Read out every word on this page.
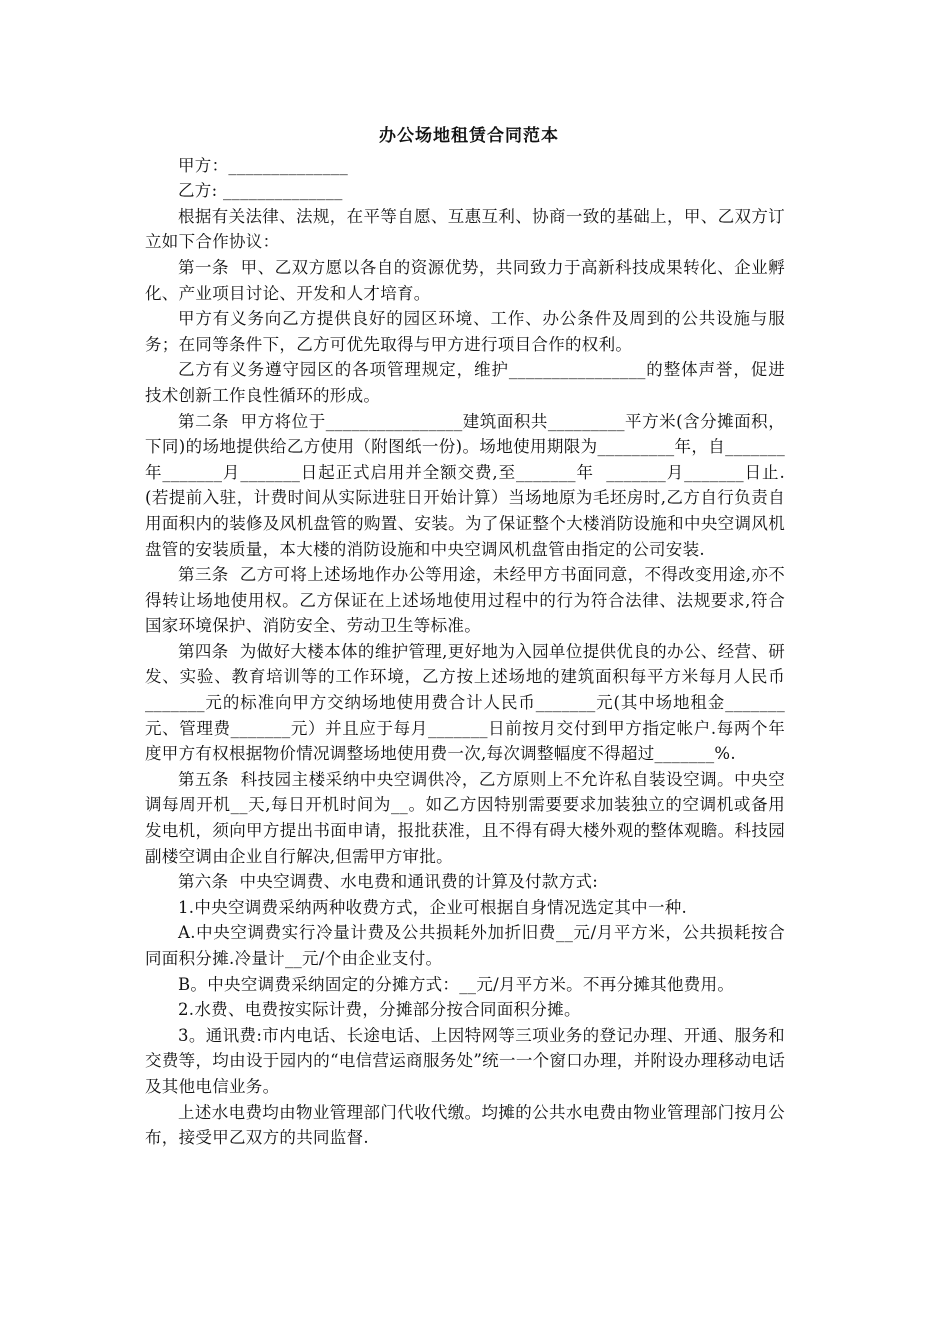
办公场地租赁合同范本

甲方：______________

乙方: ______________

根据有关法律、法规，在平等自愿、互惠互利、协商一致的基础上，甲、乙双方订立如下合作协议：

第一条  甲、乙双方愿以各自的资源优势，共同致力于高新科技成果转化、企业孵化、产业项目讨论、开发和人才培育。

甲方有义务向乙方提供良好的园区环境、工作、办公条件及周到的公共设施与服务；在同等条件下，乙方可优先取得与甲方进行项目合作的权利。

乙方有义务遵守园区的各项管理规定，维护________________的整体声誉，促进技术创新工作良性循环的形成。

第二条  甲方将位于________________建筑面积共_________平方米(含分摊面积，下同)的场地提供给乙方使用（附图纸一份)。场地使用期限为_________年，自_______年_______月_______日起正式启用并全额交费,至_______年  _______月_______日止.(若提前入驻，计费时间从实际进驻日开始计算）当场地原为毛坯房时,乙方自行负责自用面积内的装修及风机盘管的购置、安装。为了保证整个大楼消防设施和中央空调风机盘管的安装质量，本大楼的消防设施和中央空调风机盘管由指定的公司安装.

第三条  乙方可将上述场地作办公等用途，未经甲方书面同意，不得改变用途,亦不得转让场地使用权。乙方保证在上述场地使用过程中的行为符合法律、法规要求,符合国家环境保护、消防安全、劳动卫生等标准。

第四条  为做好大楼本体的维护管理,更好地为入园单位提供优良的办公、经营、研发、实验、教育培训等的工作环境，乙方按上述场地的建筑面积每平方米每月人民币_______元的标准向甲方交纳场地使用费合计人民币_______元(其中场地租金_______元、管理费_______元）并且应于每月_______日前按月交付到甲方指定帐户.每两个年度甲方有权根据物价情况调整场地使用费一次,每次调整幅度不得超过_______%.

第五条  科技园主楼采纳中央空调供冷，乙方原则上不允许私自装设空调。中央空调每周开机__天,每日开机时间为__。如乙方因特别需要要求加装独立的空调机或备用发电机，须向甲方提出书面申请，报批获准，且不得有碍大楼外观的整体观瞻。科技园副楼空调由企业自行解决,但需甲方审批。

第六条  中央空调费、水电费和通讯费的计算及付款方式:

1.中央空调费采纳两种收费方式，企业可根据自身情况选定其中一种.

A.中央空调费实行冷量计费及公共损耗外加折旧费__元/月平方米，公共损耗按合同面积分摊.冷量计__元/个由企业支付。

B。中央空调费采纳固定的分摊方式：__元/月平方米。不再分摊其他费用。

2.水费、电费按实际计费，分摊部分按合同面积分摊。

3。通讯费:市内电话、长途电话、上因特网等三项业务的登记办理、开通、服务和交费等，均由设于园内的“电信营运商服务处”统一一个窗口办理，并附设办理移动电话及其他电信业务。

上述水电费均由物业管理部门代收代缴。均摊的公共水电费由物业管理部门按月公布，接受甲乙双方的共同监督.
